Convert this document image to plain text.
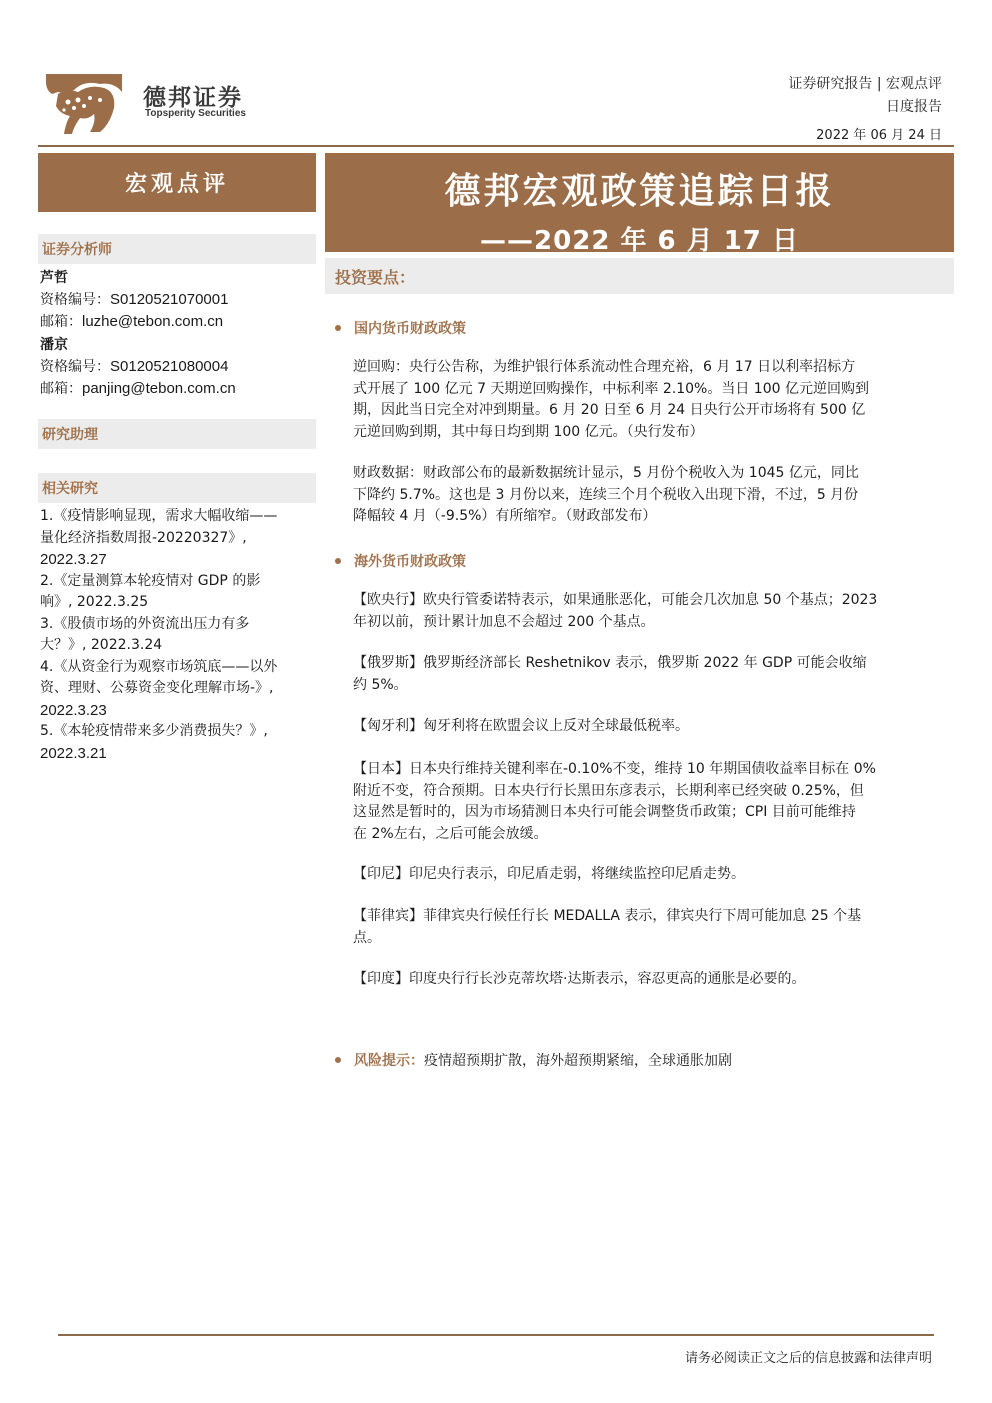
德邦证券
Topsperity Securities
证券研究报告 | 宏观点评
日度报告
2022 年 06 月 24 日
宏观点评
证券分析师
芦哲
资格编号：S0120521070001
邮箱：luzhe@tebon.com.cn
潘京
资格编号：S0120521080004
邮箱：panjing@tebon.com.cn
研究助理
相关研究
1.《疫情影响显现，需求大幅收缩——
量化经济指数周报-20220327》,
2022.3.27
2.《定量测算本轮疫情对 GDP 的影
响》, 2022.3.25
3.《股债市场的外资流出压力有多
大？》, 2022.3.24
4.《从资金行为观察市场筑底——以外
资、理财、公募资金变化理解市场-》,
2022.3.23
5.《本轮疫情带来多少消费损失？》,
2022.3.21
德邦宏观政策追踪日报
——2022 年 6 月 17 日
投资要点：
国内货币财政政策
逆回购：央行公告称，为维护银行体系流动性合理充裕，6 月 17 日以利率招标方
式开展了 100 亿元 7 天期逆回购操作，中标利率 2.10%。当日 100 亿元逆回购到
期，因此当日完全对冲到期量。6 月 20 日至 6 月 24 日央行公开市场将有 500 亿
元逆回购到期，其中每日均到期 100 亿元。（央行发布）
财政数据：财政部公布的最新数据统计显示，5 月份个税收入为 1045 亿元，同比
下降约 5.7%。这也是 3 月份以来，连续三个月个税收入出现下滑，不过，5 月份
降幅较 4 月（-9.5%）有所缩窄。（财政部发布）
海外货币财政政策
【欧央行】欧央行管委诺特表示，如果通胀恶化，可能会几次加息 50 个基点；2023
年初以前，预计累计加息不会超过 200 个基点。
【俄罗斯】俄罗斯经济部长 Reshetnikov 表示，俄罗斯 2022 年 GDP 可能会收缩
约 5%。
【匈牙利】匈牙利将在欧盟会议上反对全球最低税率。
【日本】日本央行维持关键利率在-0.10%不变，维持 10 年期国债收益率目标在 0%
附近不变，符合预期。日本央行行长黑田东彦表示，长期利率已经突破 0.25%，但
这显然是暂时的，因为市场猜测日本央行可能会调整货币政策；CPI 目前可能维持
在 2%左右，之后可能会放缓。
【印尼】印尼央行表示，印尼盾走弱，将继续监控印尼盾走势。
【菲律宾】菲律宾央行候任行长 MEDALLA 表示，律宾央行下周可能加息 25 个基
点。
【印度】印度央行行长沙克蒂坎塔·达斯表示，容忍更高的通胀是必要的。
风险提示： 疫情超预期扩散，海外超预期紧缩，全球通胀加剧
请务必阅读正文之后的信息披露和法律声明
